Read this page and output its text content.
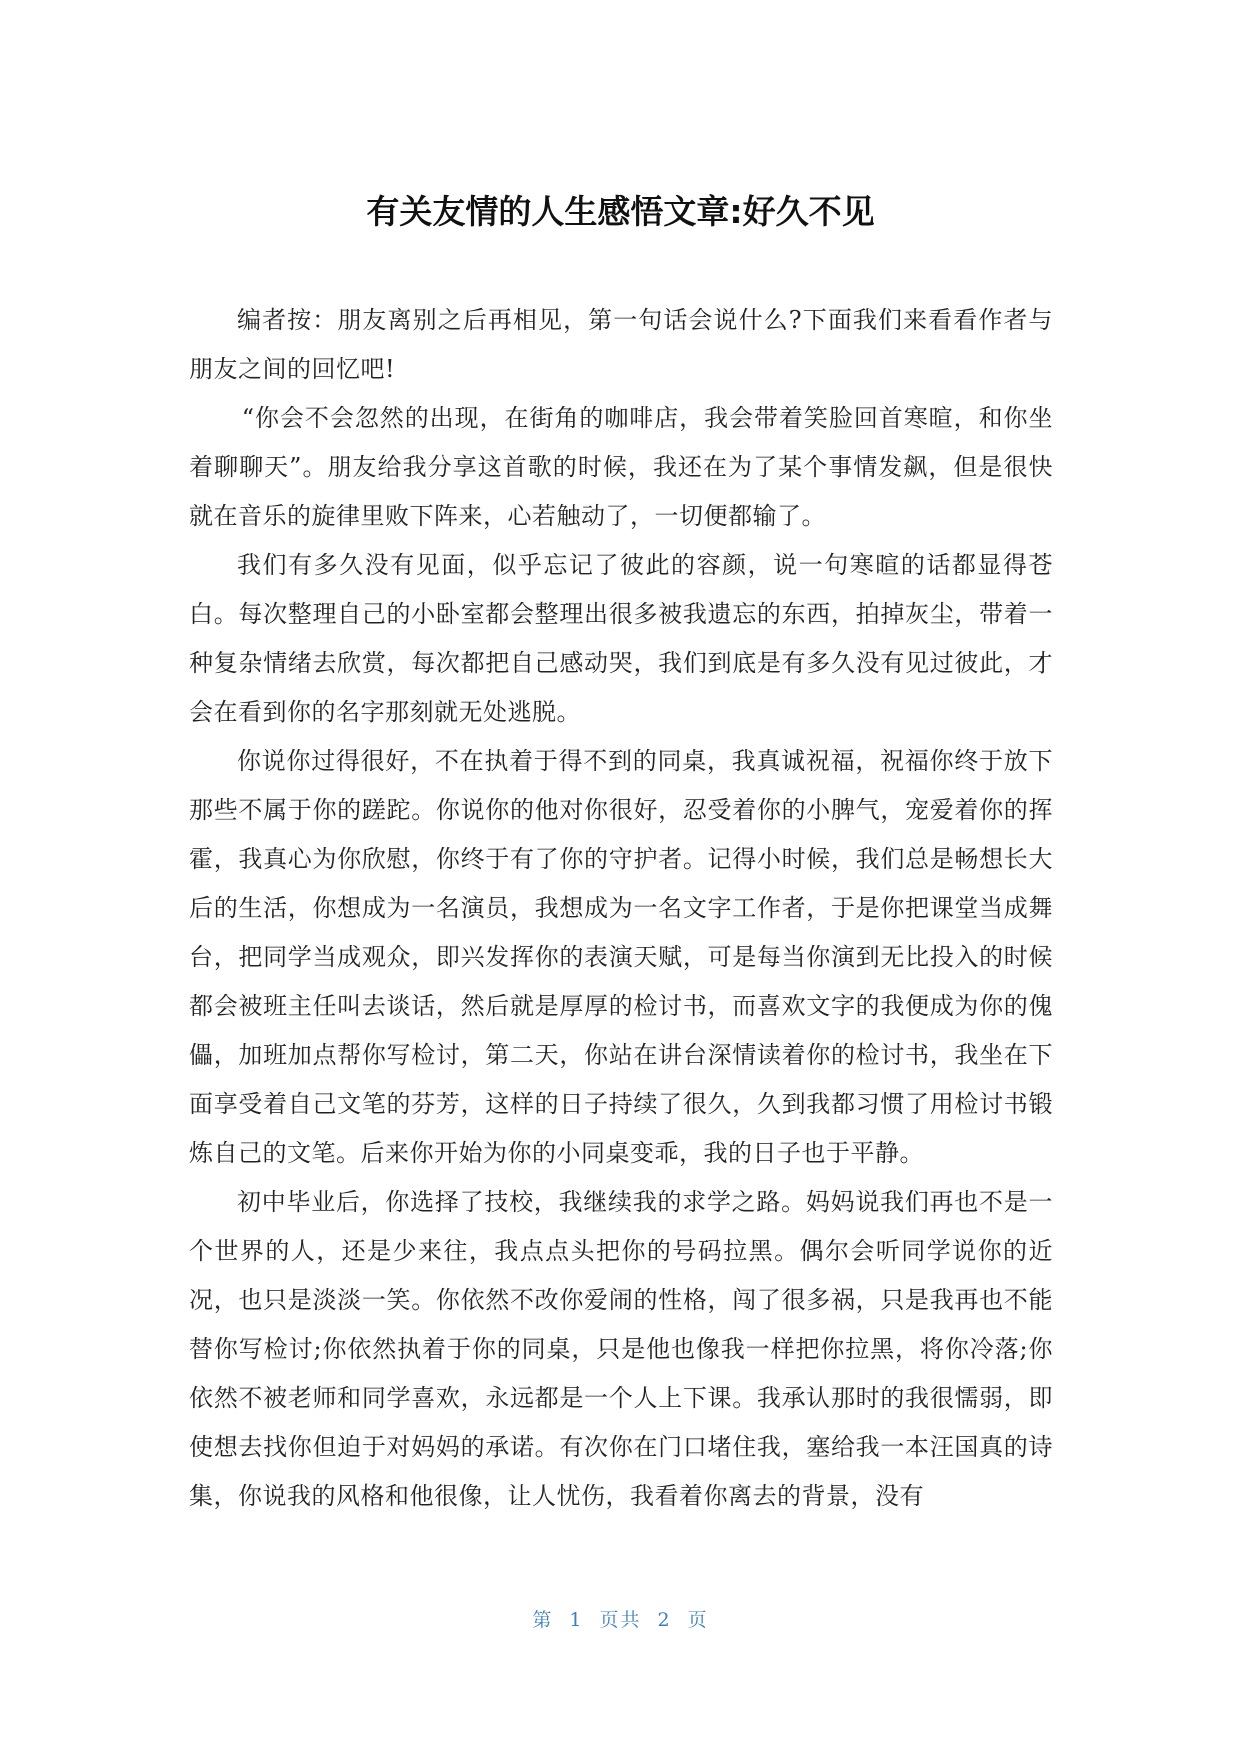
有关友情的人生感悟文章:好久不见

编者按：朋友离别之后再相见，第一句话会说什么?下面我们来看看作者与朋友之间的回忆吧!

“你会不会忽然的出现，在街角的咖啡店，我会带着笑脸回首寒暄，和你坐着聊聊天”。朋友给我分享这首歌的时候，我还在为了某个事情发飙，但是很快就在音乐的旋律里败下阵来，心若触动了，一切便都输了。

我们有多久没有见面，似乎忘记了彼此的容颜，说一句寒暄的话都显得苍白。每次整理自己的小卧室都会整理出很多被我遗忘的东西，拍掉灰尘，带着一种复杂情绪去欣赏，每次都把自己感动哭，我们到底是有多久没有见过彼此，才会在看到你的名字那刻就无处逃脱。

你说你过得很好，不在执着于得不到的同桌，我真诚祝福，祝福你终于放下那些不属于你的蹉跎。你说你的他对你很好，忍受着你的小脾气，宠爱着你的挥霍，我真心为你欣慰，你终于有了你的守护者。记得小时候，我们总是畅想长大后的生活，你想成为一名演员，我想成为一名文字工作者，于是你把课堂当成舞台，把同学当成观众，即兴发挥你的表演天赋，可是每当你演到无比投入的时候都会被班主任叫去谈话，然后就是厚厚的检讨书，而喜欢文字的我便成为你的傀儡，加班加点帮你写检讨，第二天，你站在讲台深情读着你的检讨书，我坐在下面享受着自己文笔的芬芳，这样的日子持续了很久，久到我都习惯了用检讨书锻炼自己的文笔。后来你开始为你的小同桌变乖，我的日子也于平静。

初中毕业后，你选择了技校，我继续我的求学之路。妈妈说我们再也不是一个世界的人，还是少来往，我点点头把你的号码拉黑。偶尔会听同学说你的近况，也只是淡淡一笑。你依然不改你爱闹的性格，闯了很多祸，只是我再也不能替你写检讨;你依然执着于你的同桌，只是他也像我一样把你拉黑，将你冷落;你依然不被老师和同学喜欢，永远都是一个人上下课。我承认那时的我很懦弱，即使想去找你但迫于对妈妈的承诺。有次你在门口堵住我，塞给我一本汪国真的诗集，你说我的风格和他很像，让人忧伤，我看着你离去的背景，没有

第 1 页共 2 页
